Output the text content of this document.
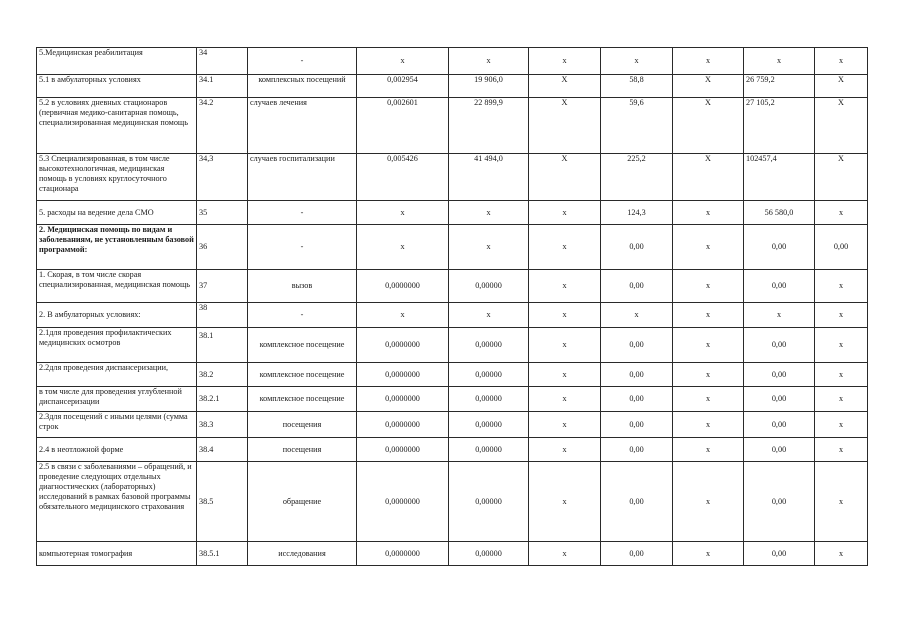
5.Медицинская реабилитация	34	-	х	х	х	х	х	х	х
5.1 в амбулаторных условиях	34.1	комплексных посещений	0,002954	19 906,0	Х	58,8	Х	26 759,2	Х
5.2 в условиях дневных стационаров (первичная медико-санитарная помощь, специализированная медицинская помощь	34.2	случаев лечения	0,002601	22 899,9	Х	59,6	Х	27 105,2	Х
5.3 Специализированная, в том числе высокотехнологичная, медицинская помощь в условиях круглосуточного стационара	34,3	случаев госпитализации	0,005426	41 494,0	Х	225,2	Х	102457,4	Х
5. расходы на ведение дела СМО	35	-	х	х	х	124,3	х	56 580,0	х
2. Медицинская помощь по видам и заболеваниям, не установленным базовой программой:	36	-	х	х	х	0,00	х	0,00	0,00
1. Скорая, в том числе скорая специализированная, медицинская помощь	37	вызов	0,0000000	0,00000	х	0,00	х	0,00	х
2. В амбулаторных условиях:	38	-	х	х	х	х	х	х	х
2.1для проведения профилактических медицинских осмотров	38.1	комплексное посещение	0,0000000	0,00000	х	0,00	х	0,00	х
2.2для проведения диспансеризации,	38.2	комплексное посещение	0,0000000	0,00000	х	0,00	х	0,00	х
в том числе для проведения углубленной диспансеризации	38.2.1	комплексное посещение	0,0000000	0,00000	х	0,00	х	0,00	х
2.3для посещений с иными целями (сумма строк	38.3	посещения	0,0000000	0,00000	х	0,00	х	0,00	х
2.4 в неотложной форме	38.4	посещения	0,0000000	0,00000	х	0,00	х	0,00	х
2.5 в связи с заболеваниями – обращений, и проведение следующих отдельных диагностических (лабораторных) исследований в рамках базовой программы обязательного медицинского страхования	38.5	обращение	0,0000000	0,00000	х	0,00	х	0,00	х
компьютерная томография	38.5.1	исследования	0,0000000	0,00000	х	0,00	х	0,00	х
